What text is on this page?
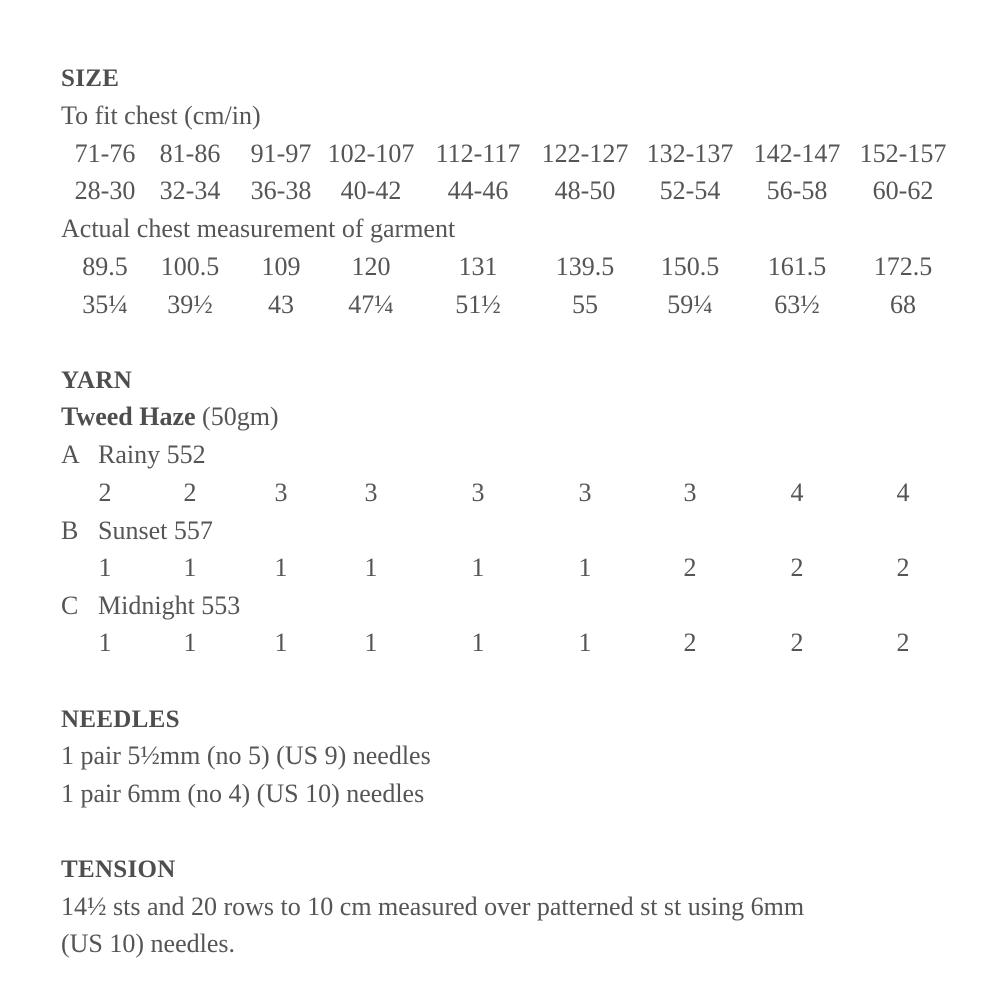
SIZE
To fit chest (cm/in)
71-76 81-86	91-97 102-107 112-117 122-127 132-137 142-147 152-157
28-30 32-34	36-38	40-42	44-46	48-50	52-54	56-58	60-62
Actual chest measurement of garment
89.5	100.5	109	120	131	139.5	150.5	161.5	172.5
35¼	39½	43	47¼	51½	55	59¼	63½	68
YARN
Tweed Haze (50gm)
A Rainy 552
2	2	3	3	3	3	3	4	4
B Sunset 557
1	1	1	1	1	1	2	2	2
C Midnight 553
1	1	1	1	1	1	2	2	2
NEEDLES
1 pair 5½mm (no 5) (US 9) needles
1 pair 6mm (no 4) (US 10) needles
TENSION
14½ sts and 20 rows to 10 cm measured over patterned st st using 6mm
(US 10) needles.
